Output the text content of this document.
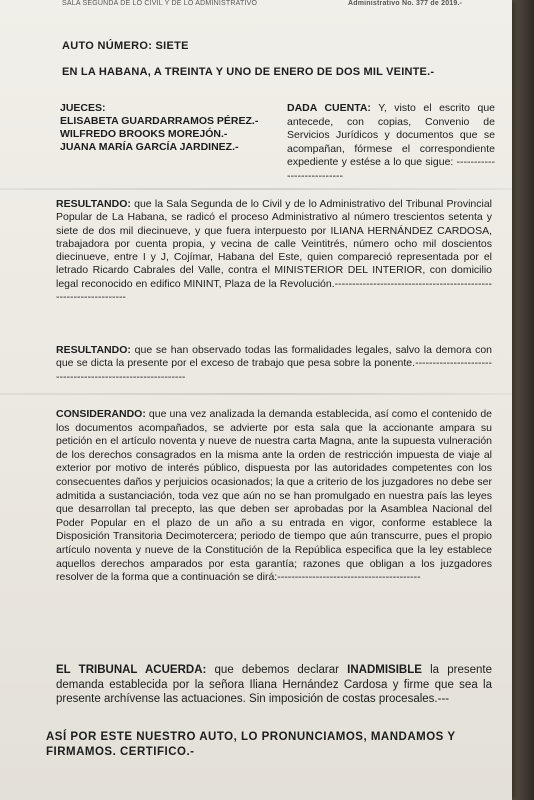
SALA SEGUNDA DE LO CIVIL Y DE LO ADMINISTRATIVO	Administrativo No. 377 de 2019.-
AUTO NÚMERO: SIETE
EN LA HABANA, A TREINTA Y UNO DE ENERO DE DOS MIL VEINTE.-
JUECES:
ELISABETA GUARDARRAMOS PÉREZ.-
WILFREDO BROOKS MOREJÓN.-
JUANA MARÍA GARCÍA JARDINEZ.-
DADA CUENTA: Y, visto el escrito que antecede, con copias, Convenio de Servicios Jurídicos y documentos que se acompañan, fórmese el correspondiente expediente y estése a lo que sigue: ---------------------------
RESULTANDO: que la Sala Segunda de lo Civil y de lo Administrativo del Tribunal Provincial Popular de La Habana, se radicó el proceso Administrativo al número trescientos setenta y siete de dos mil diecinueve, y que fuera interpuesto por ILIANA HERNÁNDEZ CARDOSA, trabajadora por cuenta propia, y vecina de calle Veintitrés, número ocho mil doscientos diecinueve, entre I y J, Cojímar, Habana del Este, quien compareció representada por el letrado Ricardo Cabrales del Valle, contra el MINISTERIOR DEL INTERIOR, con domicilio legal reconocido en edifico MININT, Plaza de la Revolución.-----------------------------------------------------------------
RESULTANDO: que se han observado todas las formalidades legales, salvo la demora con que se dicta la presente por el exceso de trabajo que pesa sobre la ponente.-----------------------------------------------------------
CONSIDERANDO: que una vez analizada la demanda establecida, así como el contenido de los documentos acompañados, se advierte por esta sala que la accionante ampara su petición en el artículo noventa y nueve de nuestra carta Magna, ante la supuesta vulneración de los derechos consagrados en la misma ante la orden de restricción impuesta de viaje al exterior por motivo de interés público, dispuesta por las autoridades competentes con los consecuentes daños y perjuicios ocasionados; la que a criterio de los juzgadores no debe ser admitida a sustanciación, toda vez que aún no se han promulgado en nuestra país las leyes que desarrollan tal precepto, las que deben ser aprobadas por la Asamblea Nacional del Poder Popular en el plazo de un año a su entrada en vigor, conforme establece la Disposición Transitoria Decimotercera; periodo de tiempo que aún transcurre, pues el propio artículo noventa y nueve de la Constitución de la República especifica que la ley establece aquellos derechos amparados por esta garantía; razones que obligan a los juzgadores resolver de la forma que a continuación se dirá:-----------------------------------------
EL TRIBUNAL ACUERDA: que debemos declarar INADMISIBLE la presente demanda establecida por la señora Iliana Hernández Cardosa y firme que sea la presente archívense las actuaciones. Sin imposición de costas procesales.---
ASÍ POR ESTE NUESTRO AUTO, LO PRONUNCIAMOS, MANDAMOS Y FIRMAMOS. CERTIFICO.-
